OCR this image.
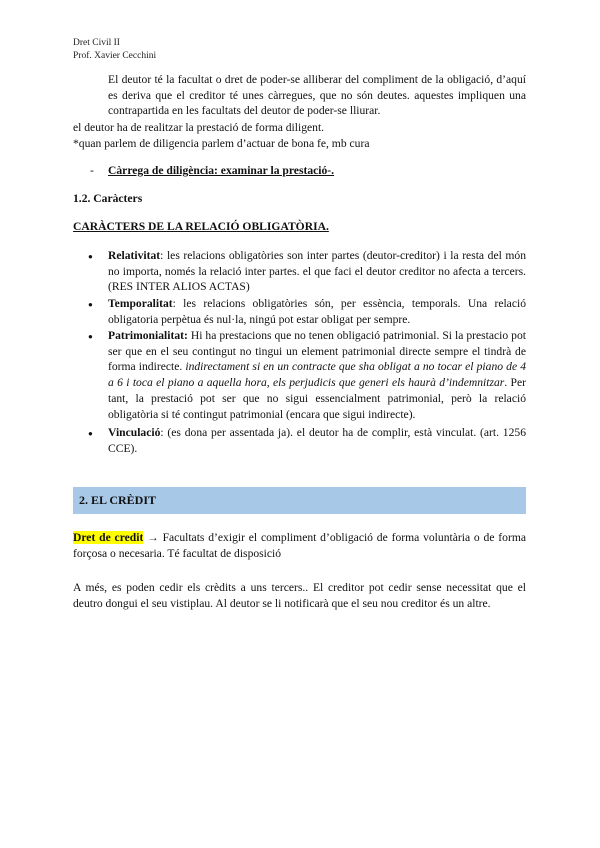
Dret Civil II
Prof. Xavier Cecchini

El deutor té la facultat o dret de poder-se alliberar del compliment de la obligació, d’aquí es deriva que el creditor té unes càrregues, que no són deutes. aquestes impliquen una contrapartida en les facultats del deutor de poder-se lliurar.

el deutor ha de realitzar la prestació de forma diligent.

*quan parlem de diligencia parlem d’actuar de bona fe, mb cura

- Càrrega de diligència: examinar la prestació-.

1.2. Caràcters

CARÀCTERS DE LA RELACIÓ OBLIGATÒRIA.

● Relativitat: les relacions obligatòries son inter partes (deutor-creditor) i la resta del món no importa, només la relació inter partes. el que faci el deutor creditor no afecta a tercers. (RES INTER ALIOS ACTAS)

● Temporalitat: les relacions obligatòries són, per essència, temporals. Una relació obligatoria perpètua és nul·la, ningú pot estar obligat per sempre.

● Patrimonialitat: Hi ha prestacions que no tenen obligació patrimonial. Si la prestacio pot ser que en el seu contingut no tingui un element patrimonial directe sempre el tindrà de forma indirecte. indirectament si en un contracte que sha obligat a no tocar el piano de 4 a 6 i toca el piano a aquella hora, els perjudicis que generi els haurà d’indemnitzar. Per tant, la prestació pot ser que no sigui essencialment patrimonial, però la relació obligatòria si té contingut patrimonial (encara que sigui indirecte).

● Vinculació: (es dona per assentada ja). el deutor ha de complir, està vinculat. (art. 1256 CCE).

2. EL CRÈDIT

Dret de credit → Facultats d’exigir el compliment d’obligació de forma voluntària o de forma forçosa o necesaria. Té facultat de disposició

A més, es poden cedir els crèdits a uns tercers.. El creditor pot cedir sense necessitat que el deutro dongui el seu vistiplau. Al deutor se li notificarà que el seu nou creditor és un altre.
